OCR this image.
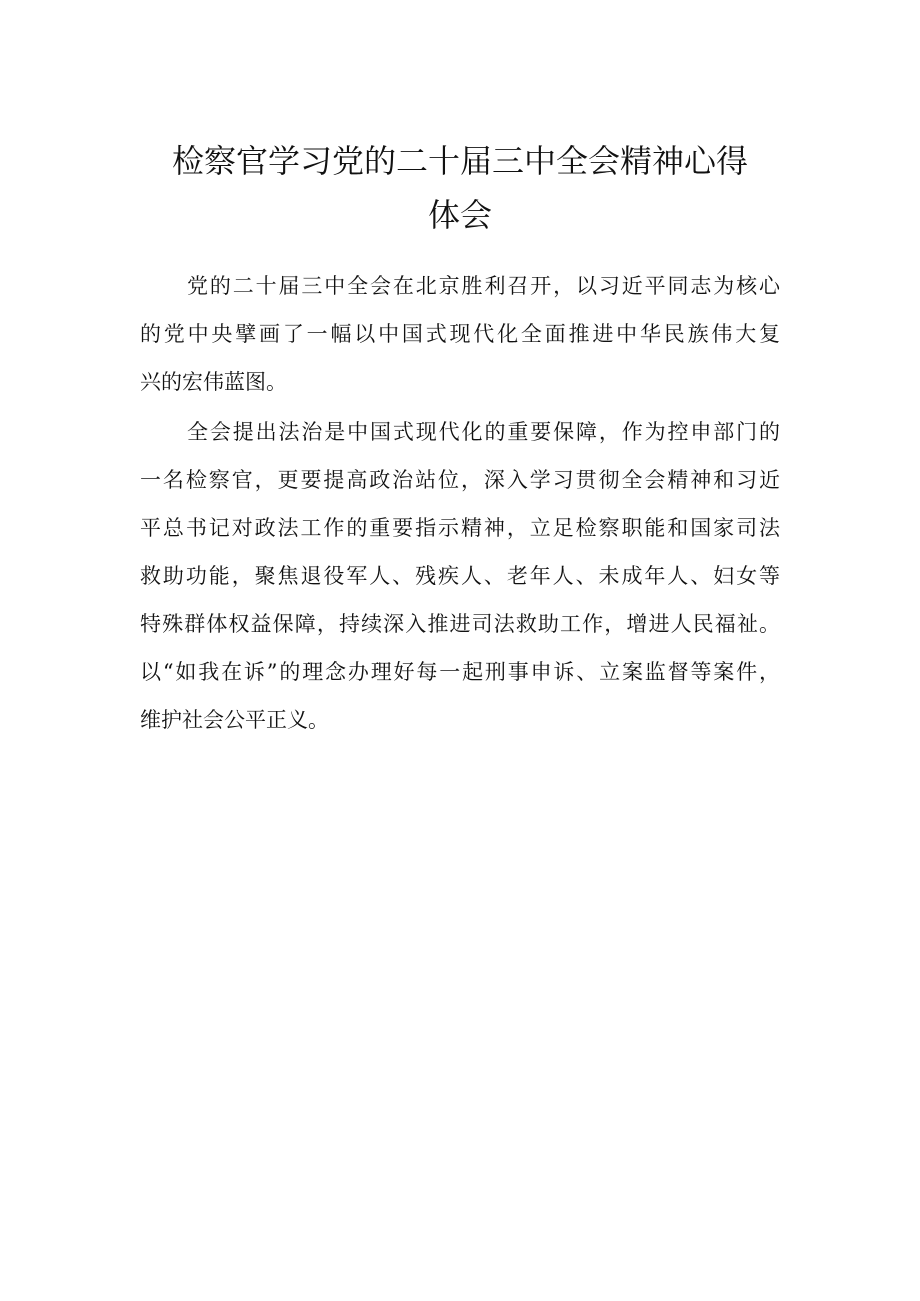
检察官学习党的二十届三中全会精神心得
体会
党的二十届三中全会在北京胜利召开，以习近平同志为核心
的党中央擘画了一幅以中国式现代化全面推进中华民族伟大复
兴的宏伟蓝图。
全会提出法治是中国式现代化的重要保障，作为控申部门的
一名检察官，更要提高政治站位，深入学习贯彻全会精神和习近
平总书记对政法工作的重要指示精神，立足检察职能和国家司法
救助功能，聚焦退役军人、残疾人、老年人、未成年人、妇女等
特殊群体权益保障，持续深入推进司法救助工作，增进人民福祉。
以“如我在诉”的理念办理好每一起刑事申诉、立案监督等案件，
维护社会公平正义。
